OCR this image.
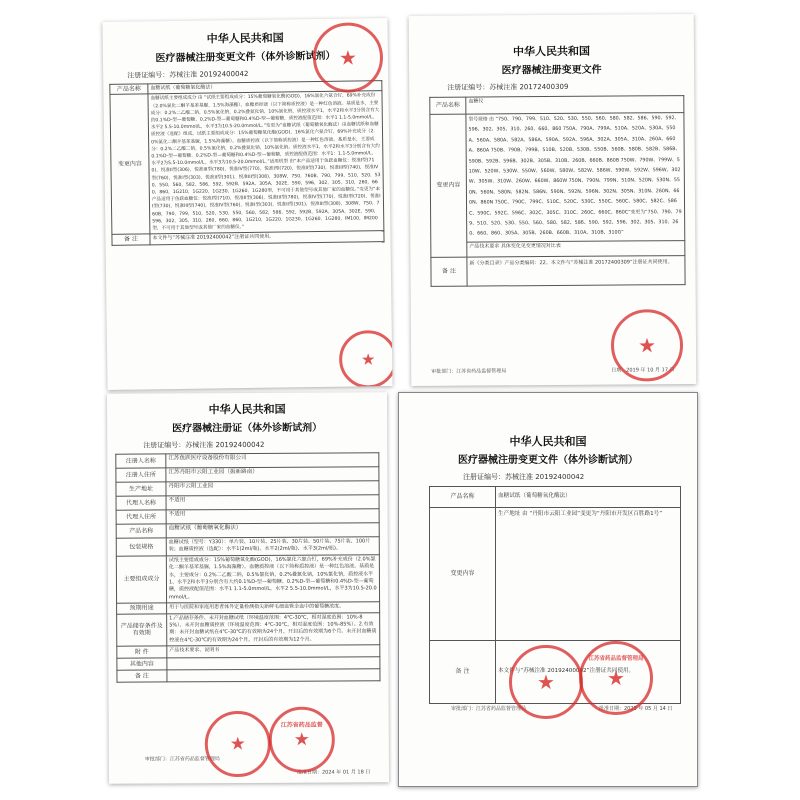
中华人民共和国
医疗器械注册变更文件（体外诊断试剂）
注册证编号：苏械注准 20192400042
产品名称	血糖试纸（葡萄糖氧化酶法）
变更内容	血糖试纸主要组成成分 由 “试纸主要组成成分：15%葡萄糖氧化酶(GOD)，16%氯化六氨合钌，69%补充成份（2.0%氯化二酮羊基苯基脲，1.5%海藻糖）。血糖质控液（以下简称质控液）是一种红色溶液。基质是水，主要成分：0.2%二乙酸二钠，0.5%氯化钠，0.2%叠氮化钠，10%氯化钠，质控液水平1，水平2和水平3分别含有大约0.1%D-型—葡萄糖、0.2%D-型—葡萄糖和0.4%D-型—葡萄糖，质控液配值范围：水平1 1.1-5.0mmol/L，水平2 5.5-10.0mmol/L，水平3为10.5-20.0mmol/L。”变更为“血糖试纸（葡萄糖氧化酶法）由血糖试纸和血糖质控液（选配）组成。试纸主要组成成分：15%葡萄糖氧化酶(GOD)，16%氯化六氨合钌，69%补充成分（2.0%氯化二酮羊基苯基脲，1.5%海藻糖）。血糖质控液（以下简称质控液）是一种红色溶液。基质是水，主要成分：0.2%二乙酸二钠，0.5%氯化钠，0.2%叠氮化钠，10%氯化钠。质控液水平1，水平2和水平3分别含有大约0.1%D-型—葡萄糖、0.2%D-型—葡萄糖和0.4%D-型—葡萄糖，质控液配值范围：水平1：1.1-5.0mmol/L，水平2为5.5-10.0mmol/L，水平3为10.5-20.0mmol/L。”适用机型 由“本产品适用于鱼跃血糖仪：悦准I型(710)，悦准II型(306)，悦准III型(780)，悦准IV型(770)，悦准I型(720)，悦准II型(730)，悦准III型(740)，悦准IV型(760)，悦准I型(303)，悦准II型(301)，悦准III型(308)，308W，750，760B，790，799，510，520，530，550，560，582，586，592，592B，592A，305A，302E，590，596，302，305，310，260，660，860，1G210，1G220，1G230，1G260，1G280型，不可用于其他型号或其他厂家的血糖仪。”变更为“本产品适用于鱼跃血糖仪：悦准I型(710)，悦准II型(306)，悦准III型(780)，悦准IV型(770)，悦准I型(720)，悦准II型(730)，悦准III型(740)，悦准IV型(760)，悦准I型(303)，悦准II型(301)，悦准III型(308)，308W，750，760B，790，799，510，520，530，550，560，582，586，592，592B，592A，305A，302E，590，596，302，305，310，260，660，860，1G210，1G220，1G230，1G260，1G280，IM100，IM200型，不可用于其他型号或其他厂家的血糖仪。”
备 注	本文件与“苏械注准 20192400042”注册证共同使用。
★
★
中华人民共和国
医疗器械注册变更文件
注册证编号：苏械注准 20172400309
产品名称	血糖仪
变更内容	型号规格 由 “750、790、799、510、520、530、550、560、580、582、586、590、592、596、302、305、310、260、660、860 750A、790A、799A、510A、520A、530A、550A、560A、580A、582A、586A、590A、592A、596A、302A、305A、310A、260A、660A、860A 750B、790B、799B、510B、520B、530B、550B、560B、580B、582B、586B、590B、592B、596B、302B、305B、310B、260B、660B、860B 750W、790W、799W、510W、520W、530W、550W、560W、580W、582W、586W、590W、592W、596W、302W、305W、310W、260W、660W、860W 750N、790N、799N、510N、520N、530N、550N、560N、580N、582N、586N、590N、592N、596N、302N、305N、310N、260N、660N、860N 750C、790C、799C、510C、520C、530C、550C、560C、580C、582C、586C、590C、592C、596C、302C、305C、310C、260C、660C、860C”变更为“750、790、799、510、520、530、550、560、580、582、586、590、592、596、302、305、310、260、660、860、305A、305B、260B、660B、310A、310B、310G”
	产品技术要求 具体变化见变更情况对比表
备 注	新《分类目录》产品分类编码：22。本文件与“苏械注准 20172400309”注册证共同使用。
审批部门：江苏省药品监督管理局	日期：2019 年 10 月 17 日
★
中华人民共和国
医疗器械注册证（体外诊断试剂）
注册证编号：苏械注准 20192400042
注册人名称	江苏鱼跃医疗设备股份有限公司
注册人住所	江苏丹阳市云阳工业园（振新路南）
生产地址	丹阳市云阳工业园
代理人名称	不适用
代理人住所	不适用
产品名称	血糖试纸（葡萄糖氧化酶法）
包装规格	血糖试纸（型号：Y330）：单片装、10片装、25片装、30片装、50片装、75片装、100片装；血糖质控液（选配）：水平1(2ml/瓶)、水平2(2ml/瓶)、水平3(2ml/瓶)。
主要组成成分	试纸主要组成成分：15%葡萄糖氧化酶(GOD)，16%氯化六氨合钌，69%补充成份（2.0%氯化二酮羊基苯基脲，1.5%海藻糖）。血糖质控液（以下简称质控液）是一种红色溶液。基质是水，主要成分：0.2%二乙酸二钠，0.5%氯化钠，0.2%叠氮化钠，10%氯化钠，质控液水平1、水平2和水平3分别含有大约0.1%D-型—葡萄糖、0.2%D-型—葡萄糖和0.4%D-型—葡萄糖，质控液配值范围：水平1 1.1-5.0mmol/L，水平2 5.5-10.0mmol/L，水平3为10.5-20.0mmol/L。
预期用途	用于与医院和家庭用患者体外定量检测指尖新鲜毛细血管全血中的葡萄糖浓度。
产品储存条件及有效期	1.产品储存条件、未开封血糖试纸（环境温度范围：4℃-30℃，相对湿度范围：10%-85%）、未开封血糖质控液（环境温度范围：4℃-30℃，相对湿度范围：10%-85%）。2.有效期：未开封血糖试纸在4℃-30℃的有效期为24个月，开封后的有效期为6个月。未开封血糖质控液在4℃-30℃的有效期为24个月，开封后的有效期为12个月。
附 件	产品技术要求、说明书
其他内容	
备 注	
审批部门：江苏省药品监督管理局
批准日期：2024 年 01 月 18 日
★
江苏省药品监督
★
中华人民共和国
医疗器械注册变更文件（体外诊断试剂）
注册证编号：苏械注准 20192400042
产品名称	血糖试纸（葡萄糖氧化酶法）
变更内容	生产地址 由 “丹阳市云阳工业园”变更为“丹阳市开发区百胜路1号”
备 注	本文件与“苏械注准 20192400042”注册证共同使用。
审批部门：江苏省药品监督管理局	批准日期：2023 年 05 月 14 日
★
江苏省药品监督管理局
★
